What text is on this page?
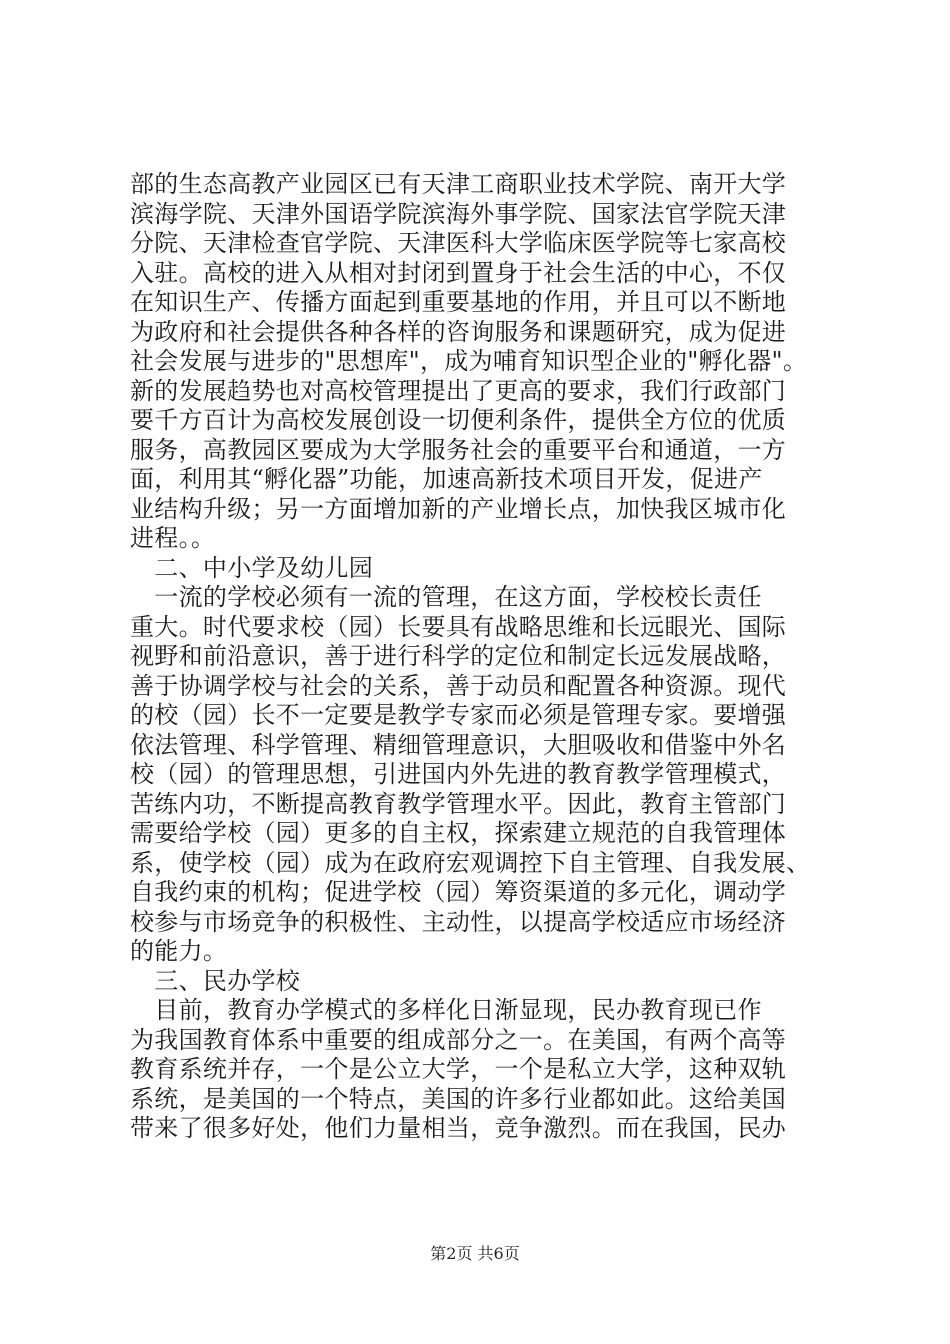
部的生态高教产业园区已有天津工商职业技术学院、南开大学
滨海学院、天津外国语学院滨海外事学院、国家法官学院天津
分院、天津检查官学院、天津医科大学临床医学院等七家高校
入驻。高校的进入从相对封闭到置身于社会生活的中心，不仅
在知识生产、传播方面起到重要基地的作用，并且可以不断地
为政府和社会提供各种各样的咨询服务和课题研究，成为促进
社会发展与进步的"思想库"，成为哺育知识型企业的"孵化器"。
新的发展趋势也对高校管理提出了更高的要求，我们行政部门
要千方百计为高校发展创设一切便利条件，提供全方位的优质
服务，高教园区要成为大学服务社会的重要平台和通道，一方
面，利用其“孵化器”功能，加速高新技术项目开发，促进产
业结构升级；另一方面增加新的产业增长点，加快我区城市化
进程。。
　二、中小学及幼儿园
　一流的学校必须有一流的管理，在这方面，学校校长责任
重大。时代要求校（园）长要具有战略思维和长远眼光、国际
视野和前沿意识，善于进行科学的定位和制定长远发展战略，
善于协调学校与社会的关系，善于动员和配置各种资源。现代
的校（园）长不一定要是教学专家而必须是管理专家。要增强
依法管理、科学管理、精细管理意识，大胆吸收和借鉴中外名
校（园）的管理思想，引进国内外先进的教育教学管理模式，
苦练内功，不断提高教育教学管理水平。因此，教育主管部门
需要给学校（园）更多的自主权，探索建立规范的自我管理体
系，使学校（园）成为在政府宏观调控下自主管理、自我发展、
自我约束的机构；促进学校（园）筹资渠道的多元化，调动学
校参与市场竞争的积极性、主动性，以提高学校适应市场经济
的能力。
　三、民办学校
　目前，教育办学模式的多样化日渐显现，民办教育现已作
为我国教育体系中重要的组成部分之一。在美国，有两个高等
教育系统并存，一个是公立大学，一个是私立大学，这种双轨
系统，是美国的一个特点，美国的许多行业都如此。这给美国
带来了很多好处，他们力量相当，竞争激烈。而在我国，民办
第2页 共6页
